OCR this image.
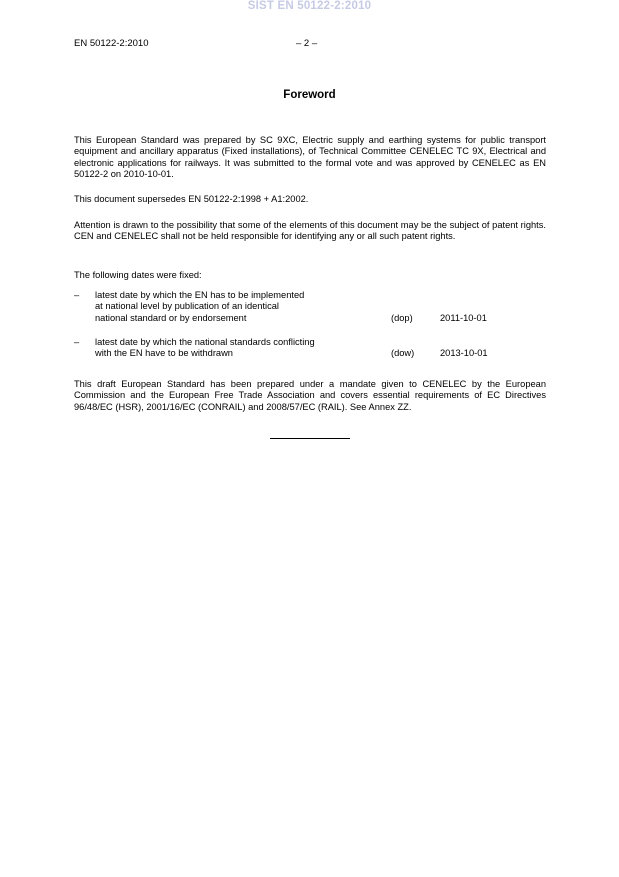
SIST EN 50122-2:2010
EN 50122-2:2010	– 2 –
Foreword
This European Standard was prepared by SC 9XC, Electric supply and earthing systems for public transport equipment and ancillary apparatus (Fixed installations), of Technical Committee CENELEC TC 9X, Electrical and electronic applications for railways. It was submitted to the formal vote and was approved by CENELEC as EN 50122-2 on 2010-10-01.
This document supersedes EN 50122-2:1998 + A1:2002.
Attention is drawn to the possibility that some of the elements of this document may be the subject of patent rights. CEN and CENELEC shall not be held responsible for identifying any or all such patent rights.
The following dates were fixed:
– latest date by which the EN has to be implemented
at national level by publication of an identical
national standard or by endorsement	(dop)	2011-10-01
– latest date by which the national standards conflicting
with the EN have to be withdrawn	(dow)	2013-10-01
This draft European Standard has been prepared under a mandate given to CENELEC by the European Commission and the European Free Trade Association and covers essential requirements of EC Directives 96/48/EC (HSR), 2001/16/EC (CONRAIL) and 2008/57/EC (RAIL). See Annex ZZ.
